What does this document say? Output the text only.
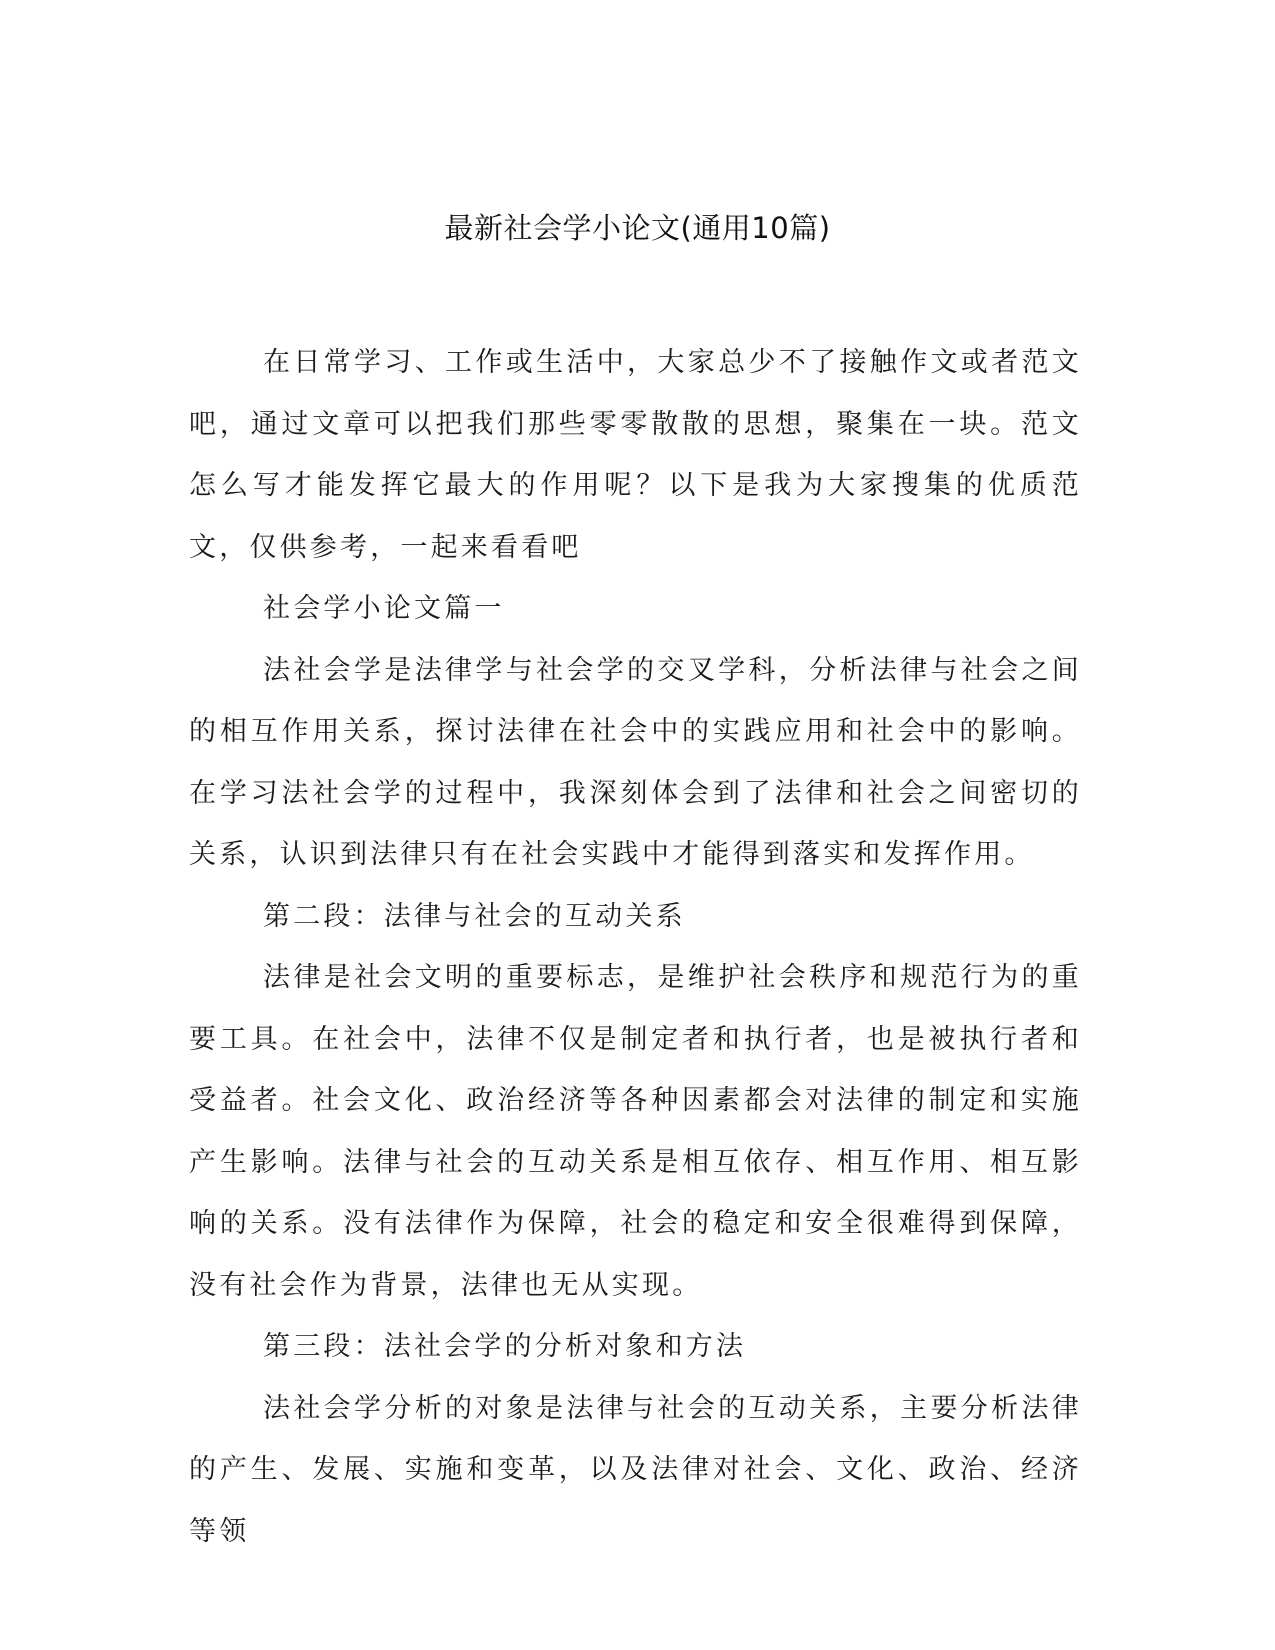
最新社会学小论文(通用10篇)

在日常学习、工作或生活中，大家总少不了接触作文或者范文吧，通过文章可以把我们那些零零散散的思想，聚集在一块。范文怎么写才能发挥它最大的作用呢？以下是我为大家搜集的优质范文，仅供参考，一起来看看吧

社会学小论文篇一

法社会学是法律学与社会学的交叉学科，分析法律与社会之间的相互作用关系，探讨法律在社会中的实践应用和社会中的影响。在学习法社会学的过程中，我深刻体会到了法律和社会之间密切的关系，认识到法律只有在社会实践中才能得到落实和发挥作用。

第二段：法律与社会的互动关系

法律是社会文明的重要标志，是维护社会秩序和规范行为的重要工具。在社会中，法律不仅是制定者和执行者，也是被执行者和受益者。社会文化、政治经济等各种因素都会对法律的制定和实施产生影响。法律与社会的互动关系是相互依存、相互作用、相互影响的关系。没有法律作为保障，社会的稳定和安全很难得到保障，没有社会作为背景，法律也无从实现。

第三段：法社会学的分析对象和方法

法社会学分析的对象是法律与社会的互动关系，主要分析法律的产生、发展、实施和变革，以及法律对社会、文化、政治、经济等领
